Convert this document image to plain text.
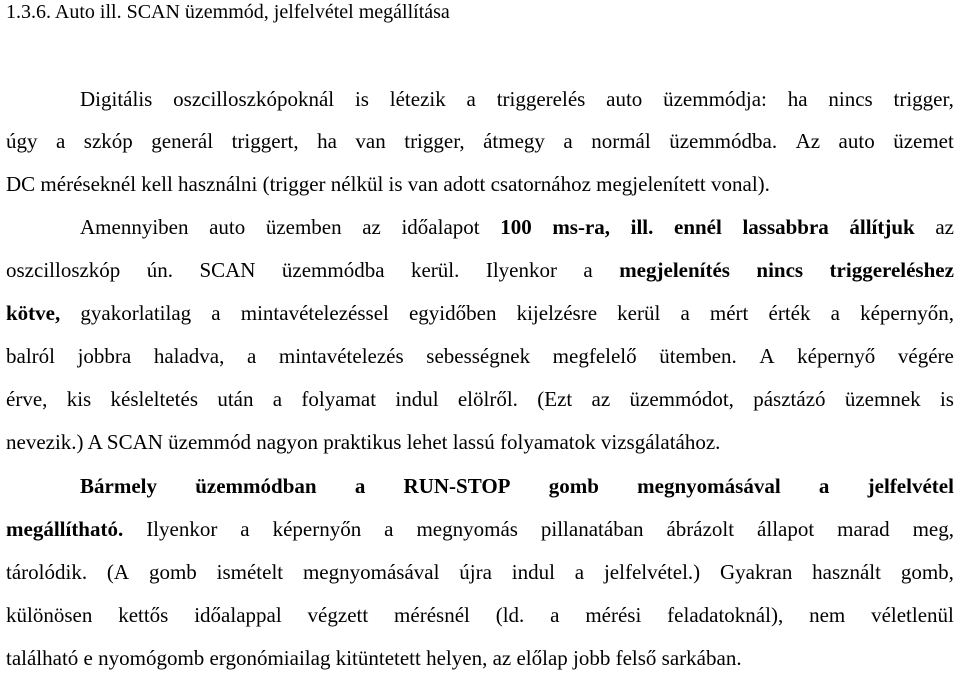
1.3.6. Auto ill. SCAN üzemmód, jelfelvétel megállítása
Digitális oszcilloszkópoknál is létezik a triggerelés auto üzemmódja: ha nincs trigger,
úgy a szkóp generál triggert, ha van trigger, átmegy a normál üzemmódba. Az auto üzemet
DC méréseknél kell használni (trigger nélkül is van adott csatornához megjelenített vonal).
Amennyiben auto üzemben az időalapot 100 ms-ra, ill. ennél lassabbra állítjuk az
oszcilloszkóp ún. SCAN üzemmódba kerül. Ilyenkor a megjelenítés nincs triggereléshez
kötve, gyakorlatilag a mintavételezéssel egyidőben kijelzésre kerül a mért érték a képernyőn,
balról jobbra haladva, a mintavételezés sebességnek megfelelő ütemben. A képernyő végére
érve, kis késleltetés után a folyamat indul elölről. (Ezt az üzemmódot, pásztázó üzemnek is
nevezik.) A SCAN üzemmód nagyon praktikus lehet lassú folyamatok vizsgálatához.
Bármely üzemmódban a RUN-STOP gomb megnyomásával a jelfelvétel
megállítható. Ilyenkor a képernyőn a megnyomás pillanatában ábrázolt állapot marad meg,
tárolódik. (A gomb ismételt megnyomásával újra indul a jelfelvétel.) Gyakran használt gomb,
különösen kettős időalappal végzett mérésnél (ld. a mérési feladatoknál), nem véletlenül
található e nyomógomb ergonómiailag kitüntetett helyen, az előlap jobb felső sarkában.
